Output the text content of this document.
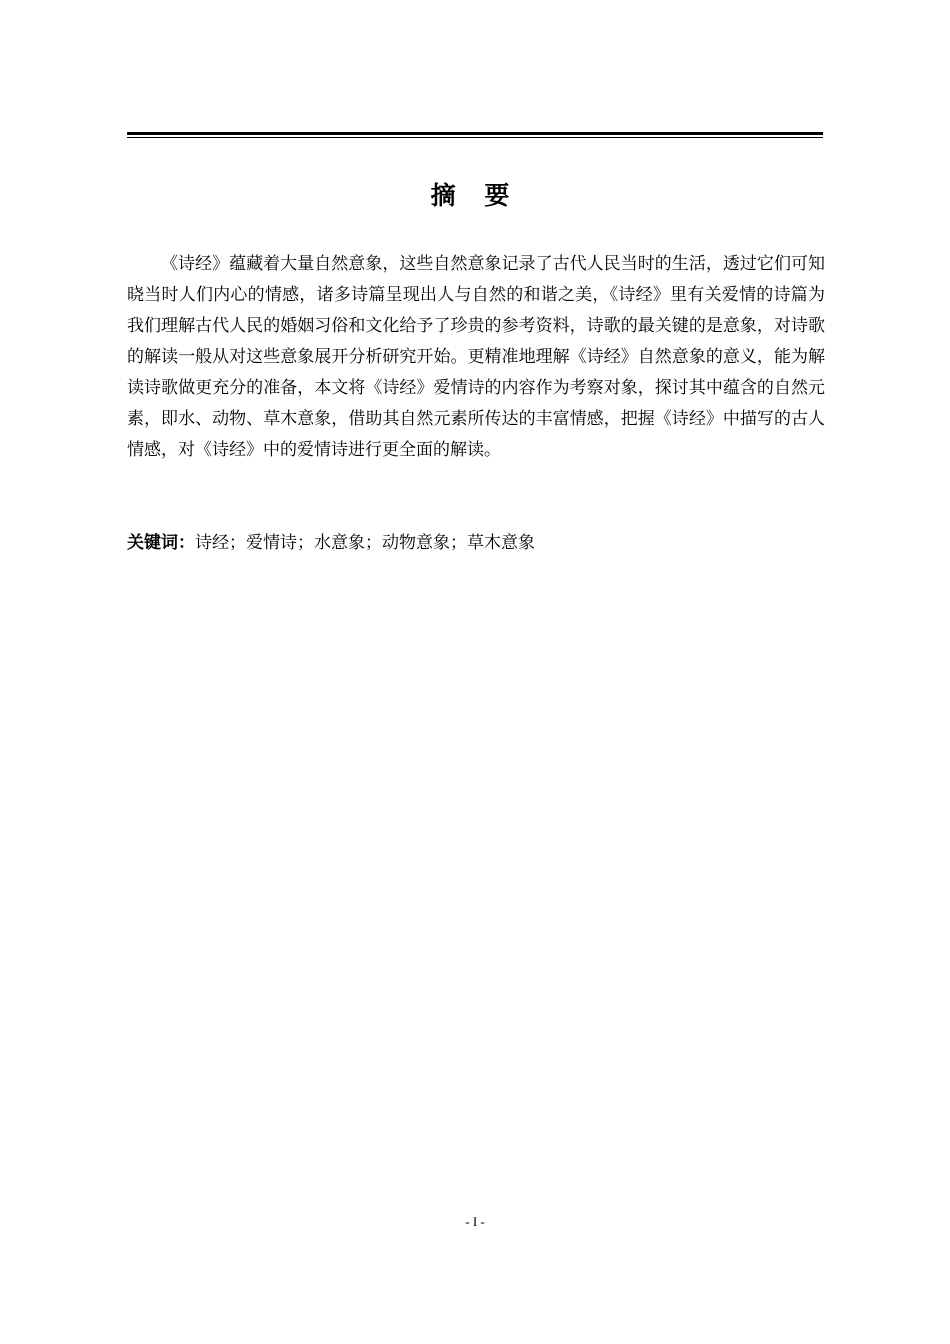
摘 要

《诗经》蕴藏着大量自然意象，这些自然意象记录了古代人民当时的生活，透过它们可知晓当时人们内心的情感，诸多诗篇呈现出人与自然的和谐之美，《诗经》里有关爱情的诗篇为我们理解古代人民的婚姻习俗和文化给予了珍贵的参考资料，诗歌的最关键的是意象，对诗歌的解读一般从对这些意象展开分析研究开始。更精准地理解《诗经》自然意象的意义，能为解读诗歌做更充分的准备，本文将《诗经》爱情诗的内容作为考察对象，探讨其中蕴含的自然元素，即水、动物、草木意象，借助其自然元素所传达的丰富情感，把握《诗经》中描写的古人情感，对《诗经》中的爱情诗进行更全面的解读。

关键词：诗经；爱情诗；水意象；动物意象；草木意象
- I -
